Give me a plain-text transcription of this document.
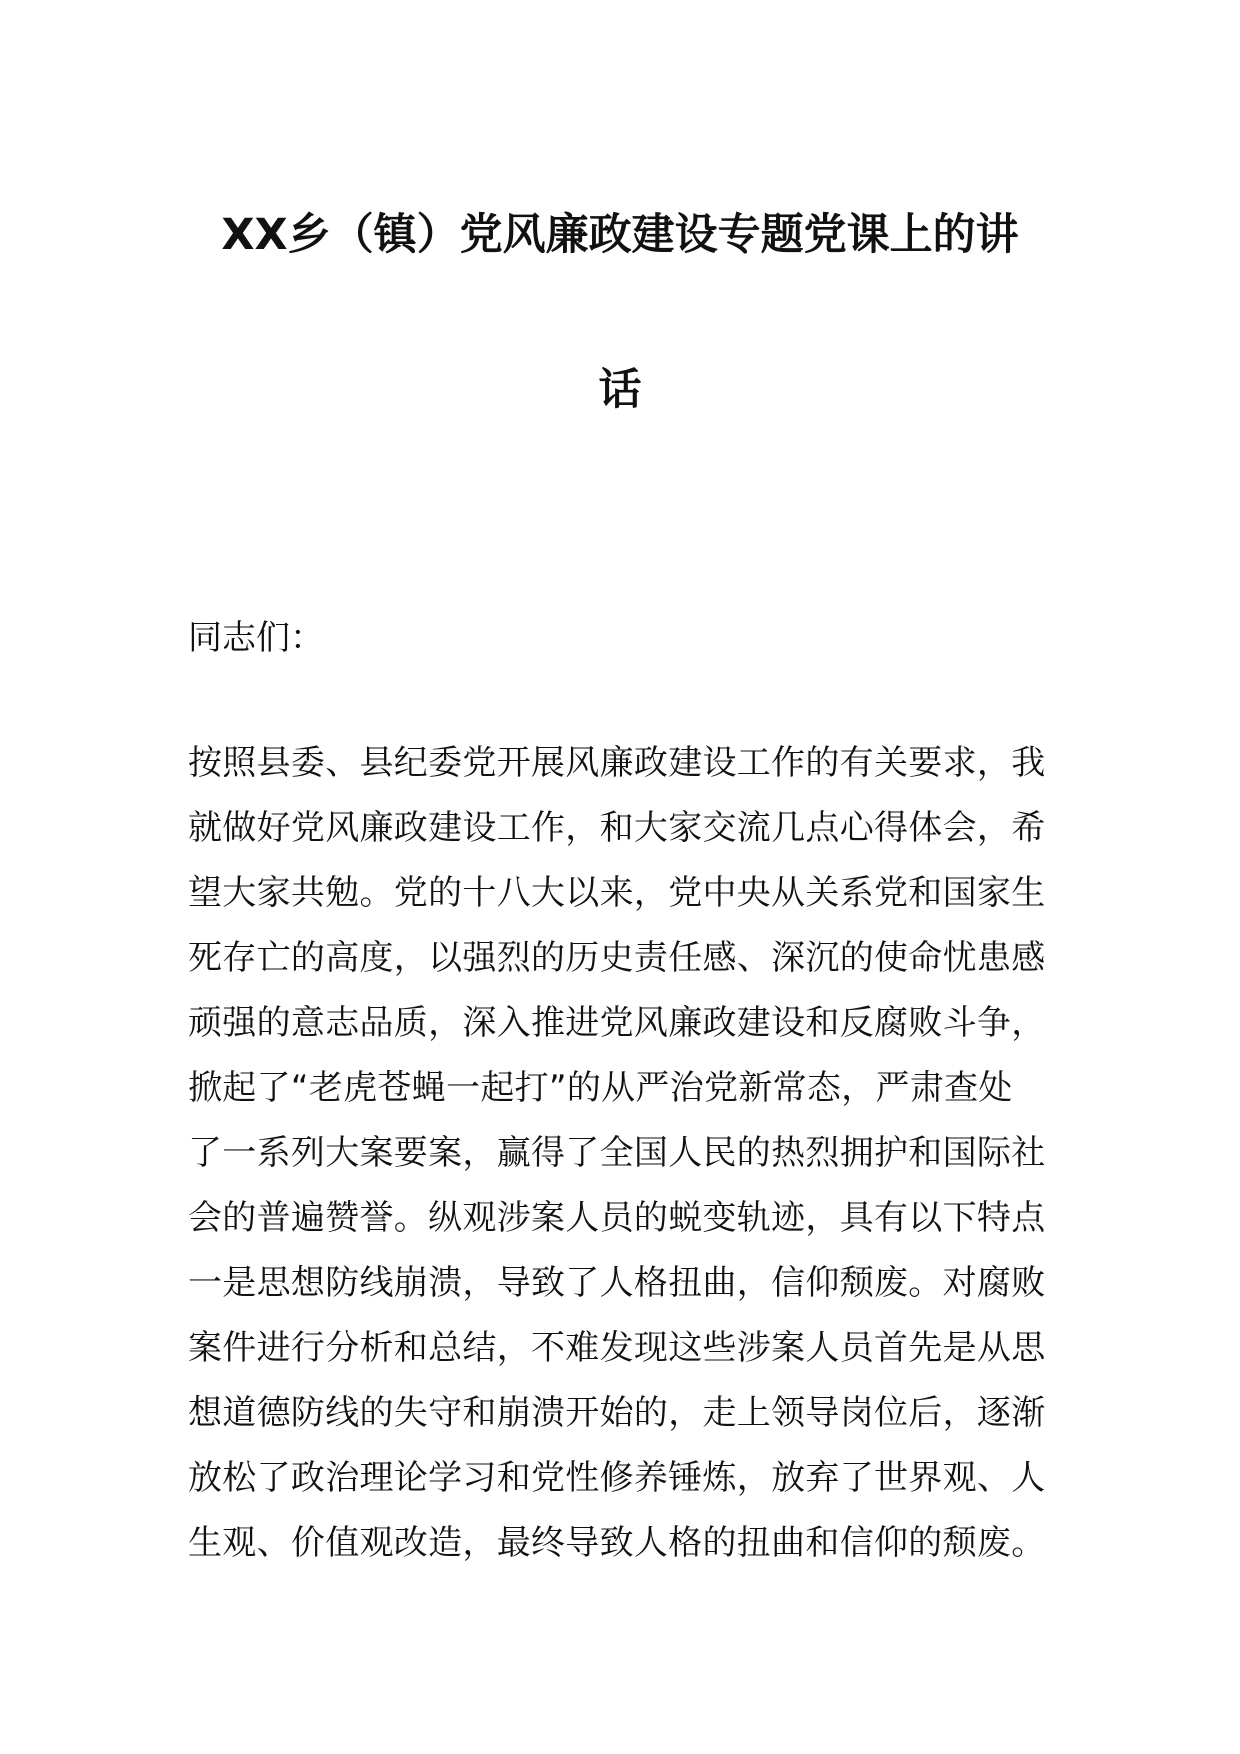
XX乡（镇）党风廉政建设专题党课上的讲
话
同志们：
按照县委、县纪委党开展风廉政建设工作的有关要求，我
就做好党风廉政建设工作，和大家交流几点心得体会，希
望大家共勉。党的十八大以来，党中央从关系党和国家生
死存亡的高度，以强烈的历史责任感、深沉的使命忧患感
顽强的意志品质，深入推进党风廉政建设和反腐败斗争，
掀起了“老虎苍蝇一起打”的从严治党新常态，严肃查处
了一系列大案要案，赢得了全国人民的热烈拥护和国际社
会的普遍赞誉。纵观涉案人员的蜕变轨迹，具有以下特点
一是思想防线崩溃，导致了人格扭曲，信仰颓废。对腐败
案件进行分析和总结，不难发现这些涉案人员首先是从思
想道德防线的失守和崩溃开始的，走上领导岗位后，逐渐
放松了政治理论学习和党性修养锤炼，放弃了世界观、人
生观、价值观改造，最终导致人格的扭曲和信仰的颓废。
